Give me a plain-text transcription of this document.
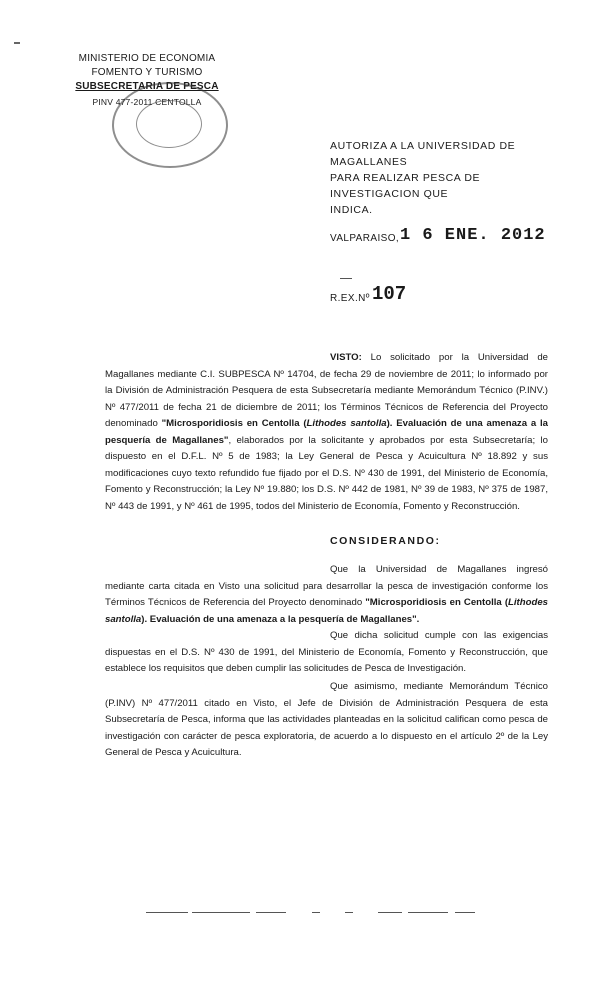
MINISTERIO DE ECONOMIA
FOMENTO Y TURISMO
SUBSECRETARIA DE PESCA
PINV 477-2011 CENTOLLA
AUTORIZA A LA UNIVERSIDAD DE MAGALLANES
PARA REALIZAR PESCA DE INVESTIGACION QUE
INDICA.
VALPARAISO, 1 6 ENE. 2012
R.EX.Nº 107
VISTO: Lo solicitado por la Universidad de Magallanes mediante C.I. SUBPESCA Nº 14704, de fecha 29 de noviembre de 2011; lo informado por la División de Administración Pesquera de esta Subsecretaría mediante Memorándum Técnico (P.INV.) Nº 477/2011 de fecha 21 de diciembre de 2011; los Términos Técnicos de Referencia del Proyecto denominado "Microsporidiosis en Centolla (Lithodes santolla). Evaluación de una amenaza a la pesquería de Magallanes", elaborados por la solicitante y aprobados por esta Subsecretaría; lo dispuesto en el D.F.L. Nº 5 de 1983; la Ley General de Pesca y Acuicultura Nº 18.892 y sus modificaciones cuyo texto refundido fue fijado por el D.S. Nº 430 de 1991, del Ministerio de Economía, Fomento y Reconstrucción; la Ley Nº 19.880; los D.S. Nº 442 de 1981, Nº 39 de 1983, Nº 375 de 1987, Nº 443 de 1991, y Nº 461 de 1995, todos del Ministerio de Economía, Fomento y Reconstrucción.
CONSIDERANDO:
Que la Universidad de Magallanes ingresó mediante carta citada en Visto una solicitud para desarrollar la pesca de investigación conforme los Términos Técnicos de Referencia del Proyecto denominado "Microsporidiosis en Centolla (Lithodes santolla). Evaluación de una amenaza a la pesquería de Magallanes".
Que dicha solicitud cumple con las exigencias dispuestas en el D.S. Nº 430 de 1991, del Ministerio de Economía, Fomento y Reconstrucción, que establece los requisitos que deben cumplir las solicitudes de Pesca de Investigación.
Que asimismo, mediante Memorándum Técnico (P.INV) Nº 477/2011 citado en Visto, el Jefe de División de Administración Pesquera de esta Subsecretaría de Pesca, informa que las actividades planteadas en la solicitud califican como pesca de investigación con carácter de pesca exploratoria, de acuerdo a lo dispuesto en el artículo 2º de la Ley General de Pesca y Acuicultura.
